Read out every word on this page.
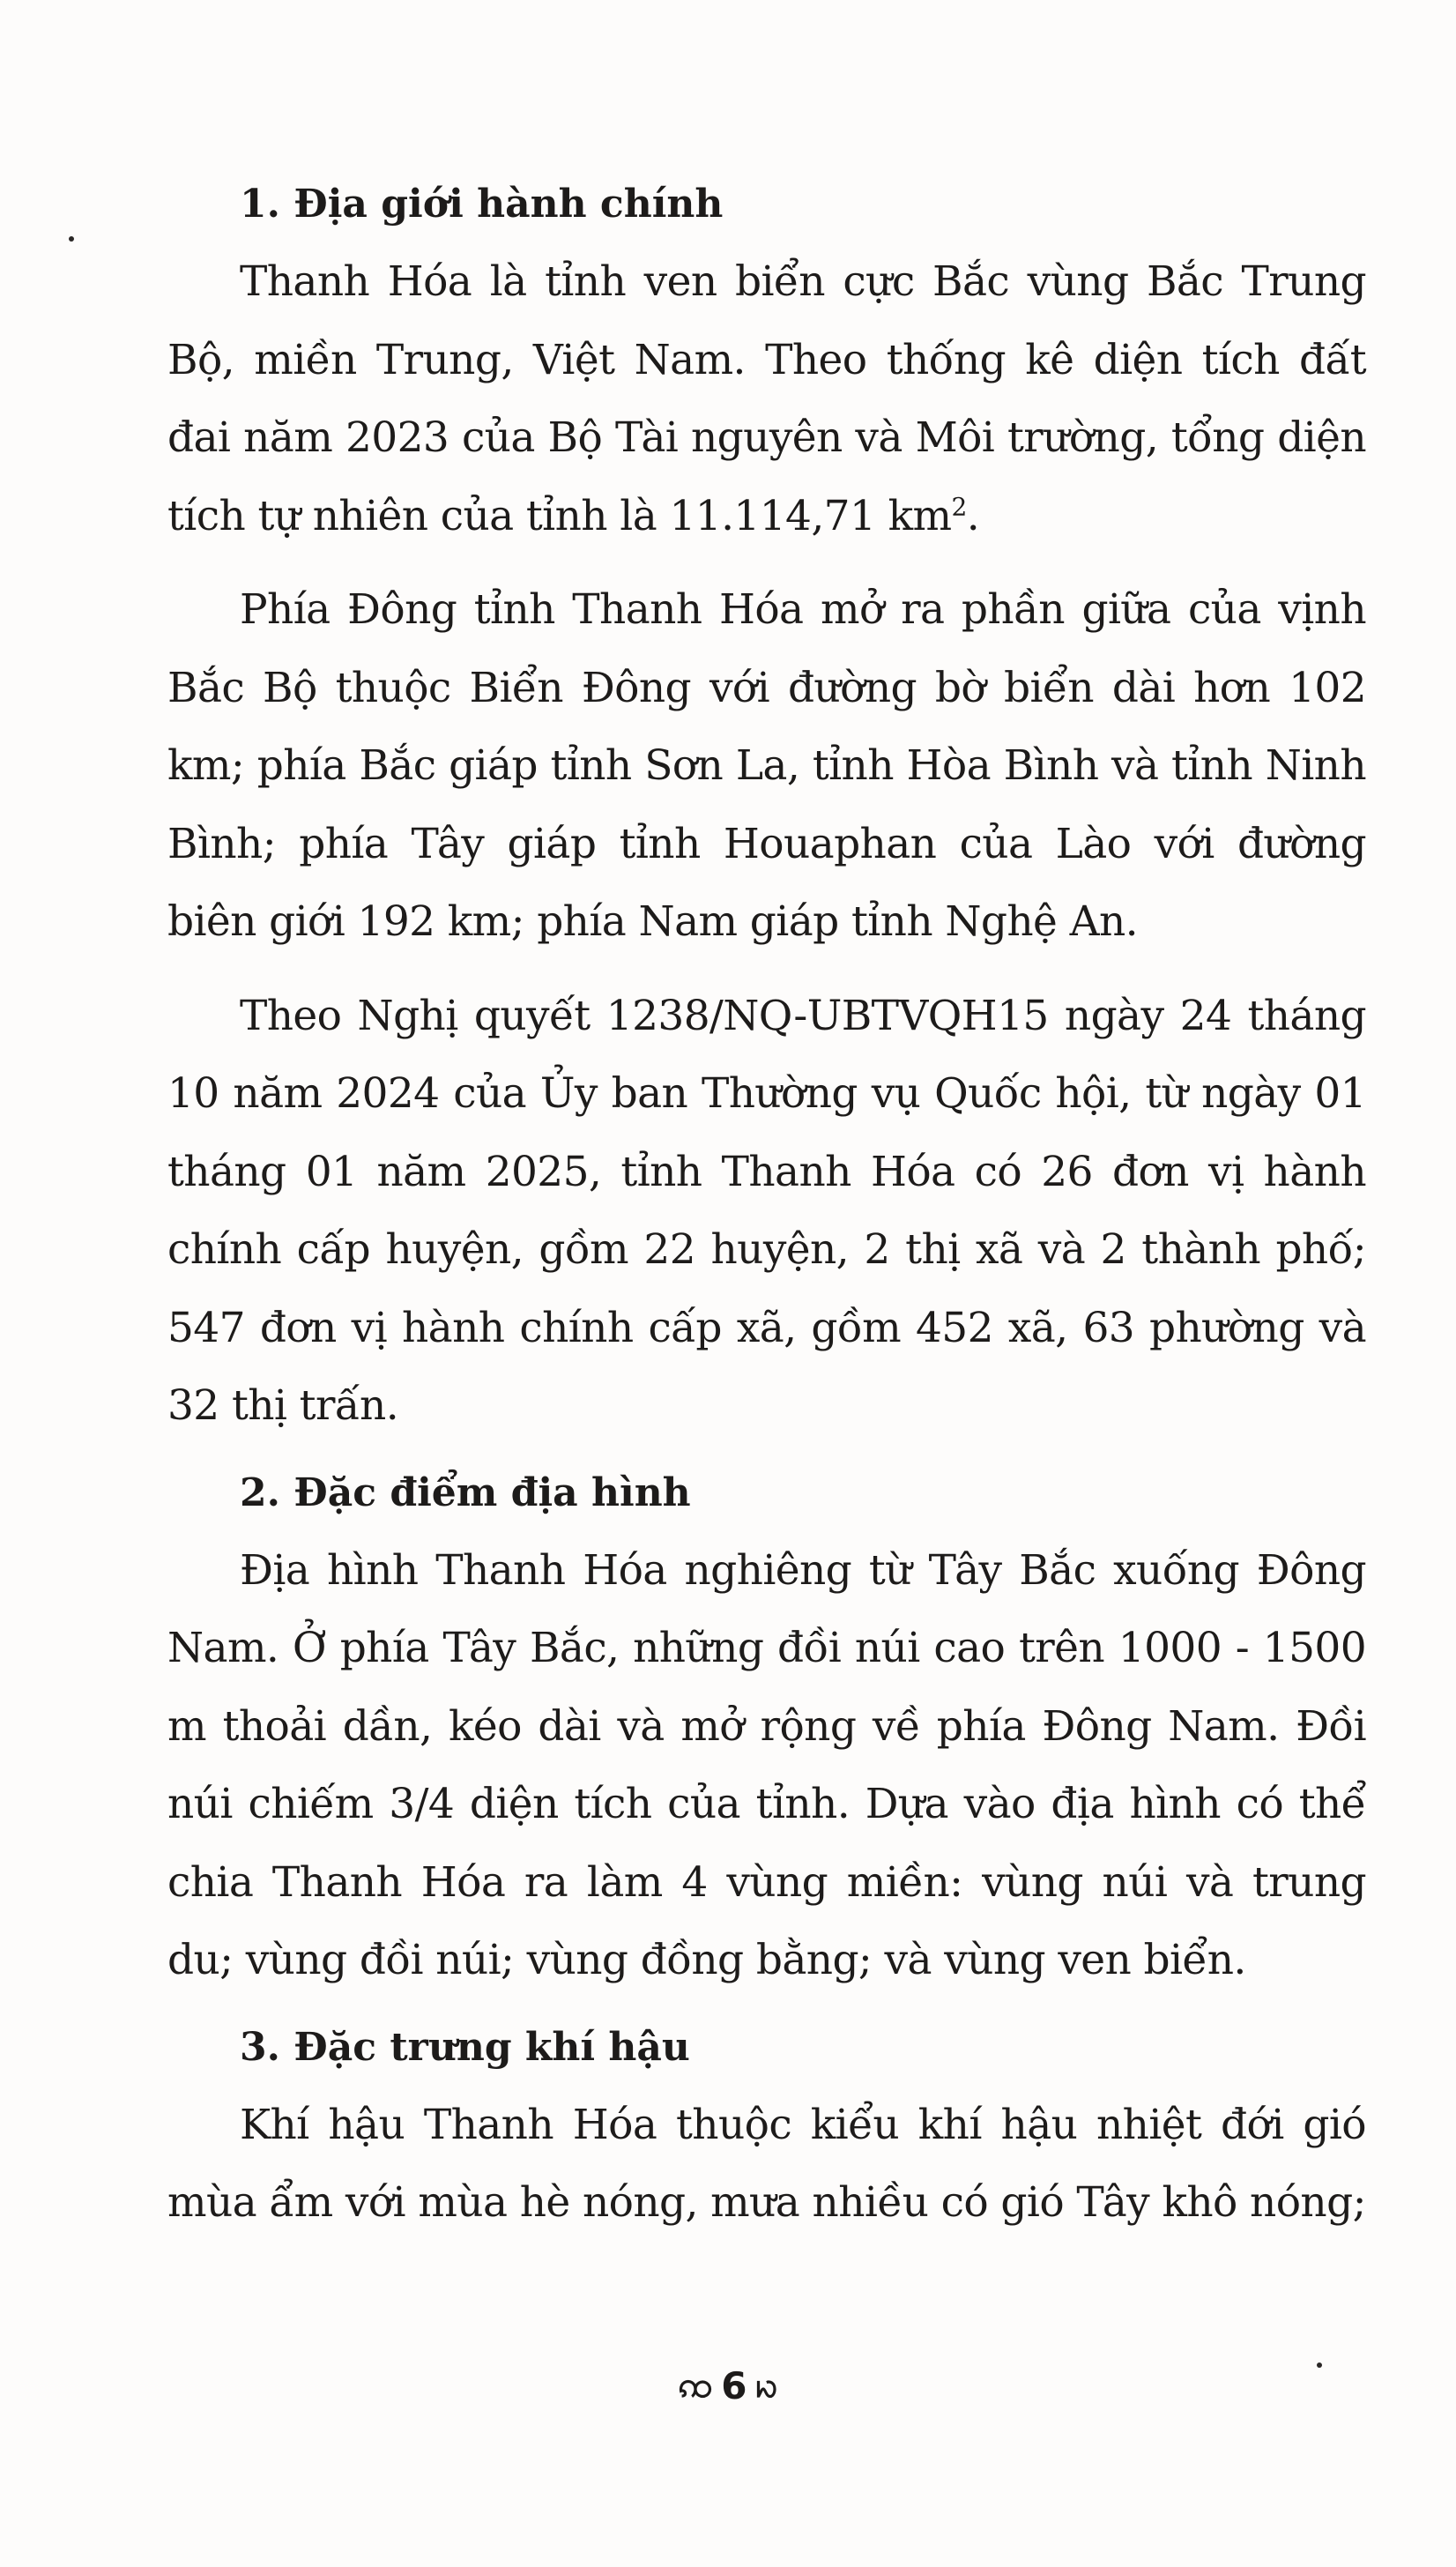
1. Địa giới hành chính

Thanh Hóa là tỉnh ven biển cực Bắc vùng Bắc Trung Bộ, miền Trung, Việt Nam. Theo thống kê diện tích đất đai năm 2023 của Bộ Tài nguyên và Môi trường, tổng diện tích tự nhiên của tỉnh là 11.114,71 $km^2$.

Phía Đông tỉnh Thanh Hóa mở ra phần giữa của vịnh Bắc Bộ thuộc Biển Đông với đường bờ biển dài hơn 102 km; phía Bắc giáp tỉnh Sơn La, tỉnh Hòa Bình và tỉnh Ninh Bình; phía Tây giáp tỉnh Houaphan của Lào với đường biên giới 192 km; phía Nam giáp tỉnh Nghệ An.

Theo Nghị quyết 1238/NQ-UBTVQH15 ngày 24 tháng 10 năm 2024 của Ủy ban Thường vụ Quốc hội, từ ngày 01 tháng 01 năm 2025, tỉnh Thanh Hóa có 26 đơn vị hành chính cấp huyện, gồm 22 huyện, 2 thị xã và 2 thành phố; 547 đơn vị hành chính cấp xã, gồm 452 xã, 63 phường và 32 thị trấn.

2. Đặc điểm địa hình

Địa hình Thanh Hóa nghiêng từ Tây Bắc xuống Đông Nam. Ở phía Tây Bắc, những đồi núi cao trên 1000 - 1500 m thoải dần, kéo dài và mở rộng về phía Đông Nam. Đồi núi chiếm 3/4 diện tích của tỉnh. Dựa vào địa hình có thể chia Thanh Hóa ra làm 4 vùng miền: vùng núi và trung du; vùng đồi núi; vùng đồng bằng; và vùng ven biển.

3. Đặc trưng khí hậu

Khí hậu Thanh Hóa thuộc kiểu khí hậu nhiệt đới gió mùa ẩm với mùa hè nóng, mưa nhiều có gió Tây khô nóng;

ꩡ 6 ꩢ
